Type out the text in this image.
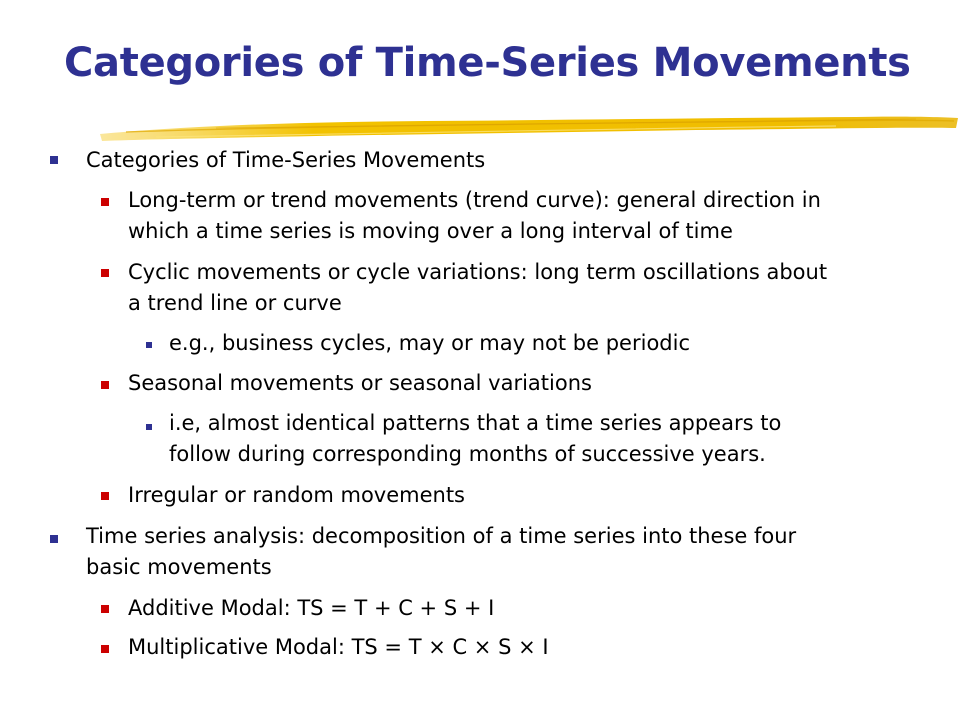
Categories of Time-Series Movements
Categories of Time-Series Movements
Long-term or trend movements (trend curve): general direction in
which a time series is moving over a long interval of time
Cyclic movements or cycle variations: long term oscillations about
a trend line or curve
e.g., business cycles, may or may not be periodic
Seasonal movements or seasonal variations
i.e, almost identical patterns that a time series appears to
follow during corresponding months of successive years.
Irregular or random movements
Time series analysis: decomposition of a time series into these four
basic movements
Additive Modal: TS = T + C + S + I
Multiplicative Modal: TS = T × C × S × I
